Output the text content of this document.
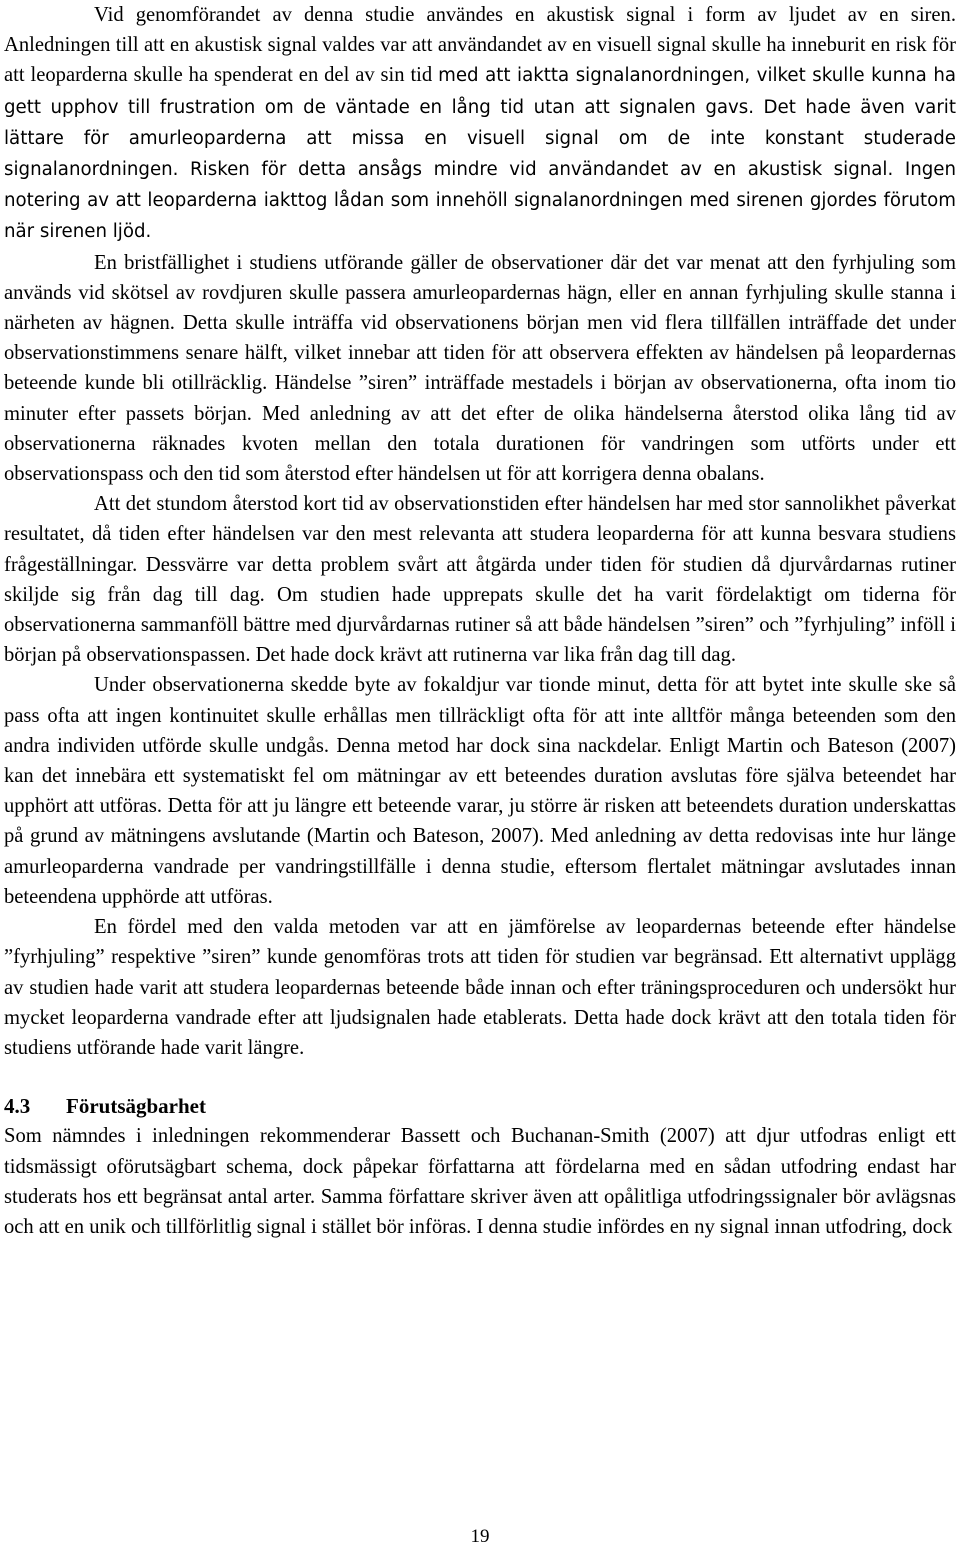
Vid genomförandet av denna studie användes en akustisk signal i form av ljudet av en siren. Anledningen till att en akustisk signal valdes var att användandet av en visuell signal skulle ha inneburit en risk för att leoparderna skulle ha spenderat en del av sin tid med att iaktta signalanordningen, vilket skulle kunna ha gett upphov till frustration om de väntade en lång tid utan att signalen gavs. Det hade även varit lättare för amurleoparderna att missa en visuell signal om de inte konstant studerade signalanordningen. Risken för detta ansågs mindre vid användandet av en akustisk signal. Ingen notering av att leoparderna iakttog lådan som innehöll signalanordningen med sirenen gjordes förutom när sirenen ljöd.

En bristfällighet i studiens utförande gäller de observationer där det var menat att den fyrhjuling som används vid skötsel av rovdjuren skulle passera amurleopardernas hägn, eller en annan fyrhjuling skulle stanna i närheten av hägnen. Detta skulle inträffa vid observationens början men vid flera tillfällen inträffade det under observationstimmens senare hälft, vilket innebar att tiden för att observera effekten av händelsen på leopardernas beteende kunde bli otillräcklig. Händelse ”siren” inträffade mestadels i början av observationerna, ofta inom tio minuter efter passets början. Med anledning av att det efter de olika händelserna återstod olika lång tid av observationerna räknades kvoten mellan den totala durationen för vandringen som utförts under ett observationspass och den tid som återstod efter händelsen ut för att korrigera denna obalans.

Att det stundom återstod kort tid av observationstiden efter händelsen har med stor sannolikhet påverkat resultatet, då tiden efter händelsen var den mest relevanta att studera leoparderna för att kunna besvara studiens frågeställningar. Dessvärre var detta problem svårt att åtgärda under tiden för studien då djurvårdarnas rutiner skiljde sig från dag till dag. Om studien hade upprepats skulle det ha varit fördelaktigt om tiderna för observationerna sammanföll bättre med djurvårdarnas rutiner så att både händelsen ”siren” och ”fyrhjuling” inföll i början på observationspassen. Det hade dock krävt att rutinerna var lika från dag till dag.

Under observationerna skedde byte av fokaldjur var tionde minut, detta för att bytet inte skulle ske så pass ofta att ingen kontinuitet skulle erhållas men tillräckligt ofta för att inte alltför många beteenden som den andra individen utförde skulle undgås. Denna metod har dock sina nackdelar. Enligt Martin och Bateson (2007) kan det innebära ett systematiskt fel om mätningar av ett beteendes duration avslutas före själva beteendet har upphört att utföras. Detta för att ju längre ett beteende varar, ju större är risken att beteendets duration underskattas på grund av mätningens avslutande (Martin och Bateson, 2007). Med anledning av detta redovisas inte hur länge amurleoparderna vandrade per vandringstillfälle i denna studie, eftersom flertalet mätningar avslutades innan beteendena upphörde att utföras.

En fördel med den valda metoden var att en jämförelse av leopardernas beteende efter händelse ”fyrhjuling” respektive ”siren” kunde genomföras trots att tiden för studien var begränsad. Ett alternativt upplägg av studien hade varit att studera leopardernas beteende både innan och efter träningsproceduren och undersökt hur mycket leoparderna vandrade efter att ljudsignalen hade etablerats. Detta hade dock krävt att den totala tiden för studiens utförande hade varit längre.

4.3 Förutsägbarhet

Som nämndes i inledningen rekommenderar Bassett och Buchanan-Smith (2007) att djur utfodras enligt ett tidsmässigt oförutsägbart schema, dock påpekar författarna att fördelarna med en sådan utfodring endast har studerats hos ett begränsat antal arter. Samma författare skriver även att opålitliga utfodringssignaler bör avlägsnas och att en unik och tillförlitlig signal i stället bör införas. I denna studie infördes en ny signal innan utfodring, dock

19
